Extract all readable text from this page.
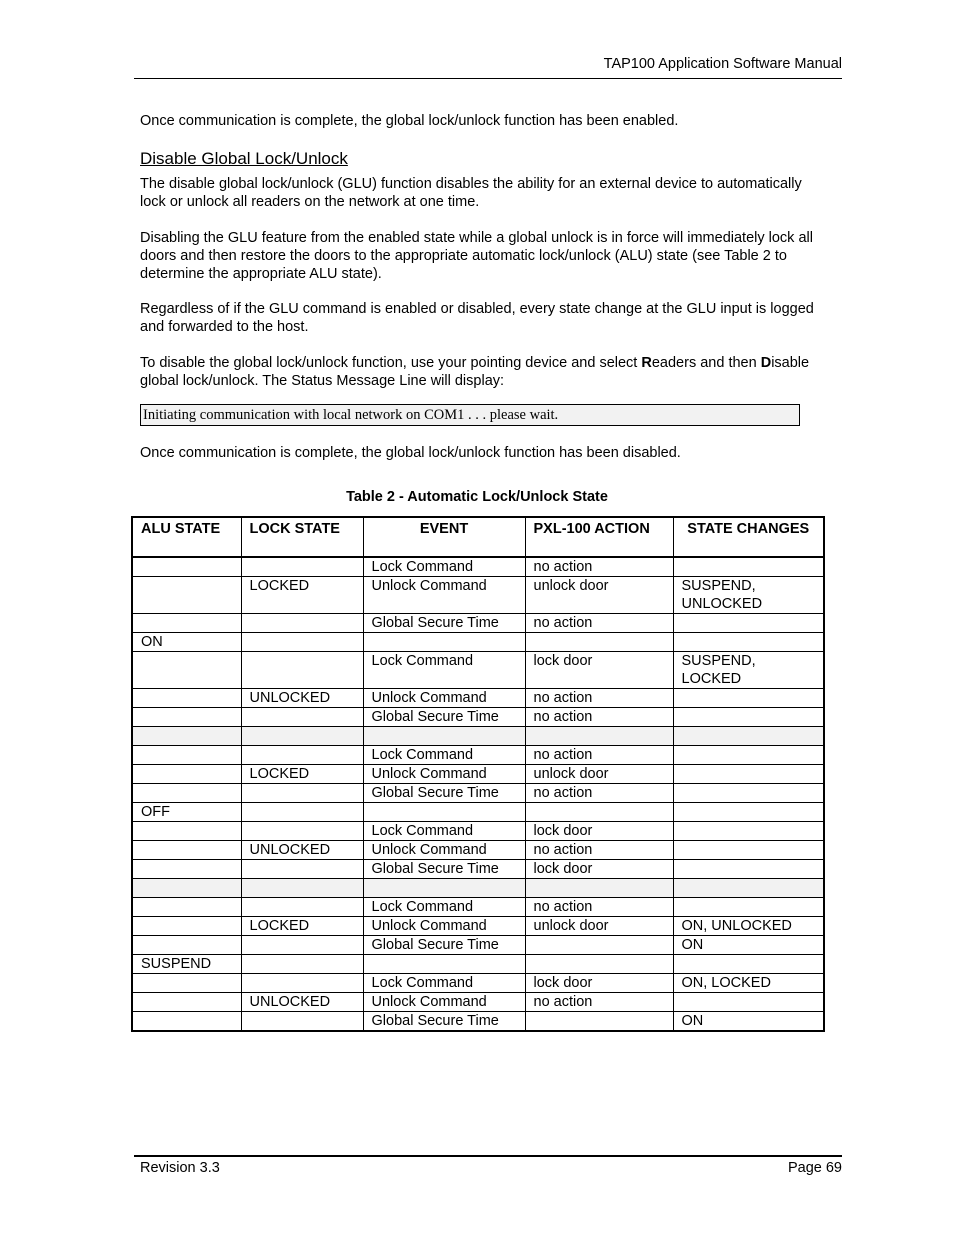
TAP100 Application Software Manual

Once communication is complete, the global lock/unlock function has been enabled.

Disable Global Lock/Unlock

The disable global lock/unlock (GLU) function disables the ability for an external device to automatically lock or unlock all readers on the network at one time.

Disabling the GLU feature from the enabled state while a global unlock is in force will immediately lock all doors and then restore the doors to the appropriate automatic lock/unlock (ALU) state (see Table 2 to determine the appropriate ALU state).

Regardless of if the GLU command is enabled or disabled, every state change at the GLU input is logged and forwarded to the host.

To disable the global lock/unlock function, use your pointing device and select Readers and then Disable global lock/unlock. The Status Message Line will display:

Initiating communication with local network on COM1 . . . please wait.

Once communication is complete, the global lock/unlock function has been disabled.

Table 2 - Automatic Lock/Unlock State
ALU STATE	LOCK STATE	EVENT	PXL-100 ACTION	STATE CHANGES
		Lock Command	no action	
	LOCKED	Unlock Command	unlock door	SUSPEND, UNLOCKED
		Global Secure Time	no action	
ON				
		Lock Command	lock door	SUSPEND, LOCKED
	UNLOCKED	Unlock Command	no action	
		Global Secure Time	no action	

		Lock Command	no action	
	LOCKED	Unlock Command	unlock door	
		Global Secure Time	no action	
OFF				
		Lock Command	lock door	
	UNLOCKED	Unlock Command	no action	
		Global Secure Time	lock door	

		Lock Command	no action	
	LOCKED	Unlock Command	unlock door	ON, UNLOCKED
		Global Secure Time		ON
SUSPEND				
		Lock Command	lock door	ON, LOCKED
	UNLOCKED	Unlock Command	no action	
		Global Secure Time		ON
Revision 3.3	Page 69
